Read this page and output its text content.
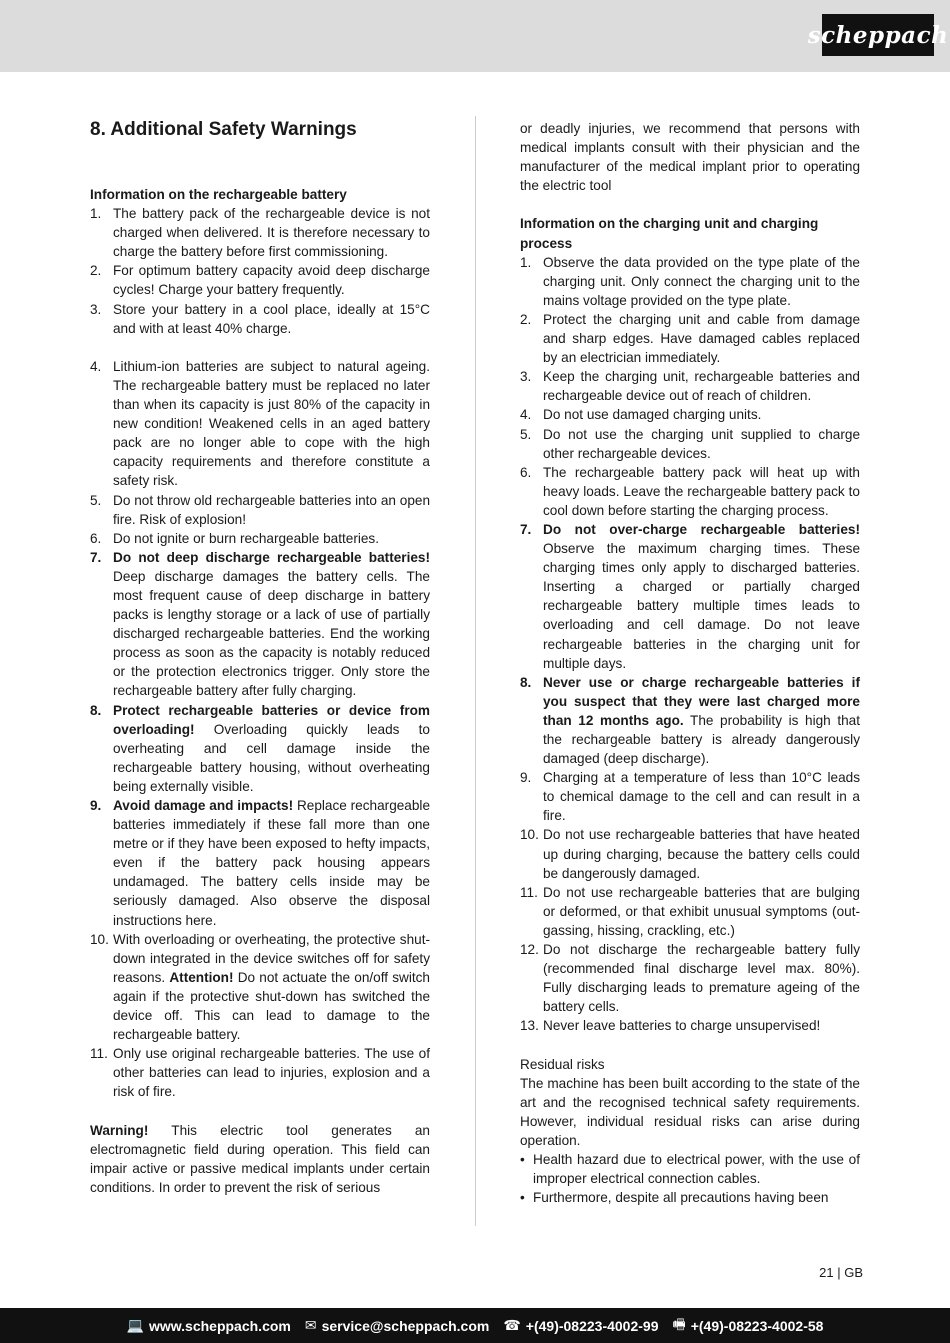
scheppach
8. Additional Safety Warnings
Information on the rechargeable battery
1. The battery pack of the rechargeable device is not charged when delivered. It is therefore necessary to charge the battery before first commissioning.
2. For optimum battery capacity avoid deep discharge cycles! Charge your battery frequently.
3. Store your battery in a cool place, ideally at 15°C and with at least 40% charge.
4. Lithium-ion batteries are subject to natural ageing. The rechargeable battery must be replaced no later than when its capacity is just 80% of the capacity in new condition! Weakened cells in an aged battery pack are no longer able to cope with the high capacity requirements and therefore constitute a safety risk.
5. Do not throw old rechargeable batteries into an open fire. Risk of explosion!
6. Do not ignite or burn rechargeable batteries.
7. Do not deep discharge rechargeable batteries! Deep discharge damages the battery cells. The most frequent cause of deep discharge in battery packs is lengthy storage or a lack of use of partially discharged rechargeable batteries. End the working process as soon as the capacity is notably reduced or the protection electronics trigger. Only store the rechargeable battery after fully charging.
8. Protect rechargeable batteries or device from overloading! Overloading quickly leads to overheating and cell damage inside the rechargeable battery housing, without overheating being externally visible.
9. Avoid damage and impacts! Replace rechargeable batteries immediately if these fall more than one metre or if they have been exposed to hefty impacts, even if the battery pack housing appears undamaged. The battery cells inside may be seriously damaged. Also observe the disposal instructions here.
10. With overloading or overheating, the protective shut-down integrated in the device switches off for safety reasons. Attention! Do not actuate the on/off switch again if the protective shut-down has switched the device off. This can lead to damage to the rechargeable battery.
11. Only use original rechargeable batteries. The use of other batteries can lead to injuries, explosion and a risk of fire.

Warning! This electric tool generates an electromagnetic field during operation. This field can impair active or passive medical implants under certain conditions. In order to prevent the risk of serious

or deadly injuries, we recommend that persons with medical implants consult with their physician and the manufacturer of the medical implant prior to operating the electric tool

Information on the charging unit and charging process
1. Observe the data provided on the type plate of the charging unit. Only connect the charging unit to the mains voltage provided on the type plate.
2. Protect the charging unit and cable from damage and sharp edges. Have damaged cables replaced by an electrician immediately.
3. Keep the charging unit, rechargeable batteries and rechargeable device out of reach of children.
4. Do not use damaged charging units.
5. Do not use the charging unit supplied to charge other rechargeable devices.
6. The rechargeable battery pack will heat up with heavy loads. Leave the rechargeable battery pack to cool down before starting the charging process.
7. Do not over-charge rechargeable batteries! Observe the maximum charging times. These charging times only apply to discharged batteries. Inserting a charged or partially charged rechargeable battery multiple times leads to overloading and cell damage. Do not leave rechargeable batteries in the charging unit for multiple days.
8. Never use or charge rechargeable batteries if you suspect that they were last charged more than 12 months ago. The probability is high that the rechargeable battery is already dangerously damaged (deep discharge).
9. Charging at a temperature of less than 10°C leads to chemical damage to the cell and can result in a fire.
10. Do not use rechargeable batteries that have heated up during charging, because the battery cells could be dangerously damaged.
11. Do not use rechargeable batteries that are bulging or deformed, or that exhibit unusual symptoms (out-gassing, hissing, crackling, etc.)
12. Do not discharge the rechargeable battery fully (recommended final discharge level max. 80%). Fully discharging leads to premature ageing of the battery cells.
13. Never leave batteries to charge unsupervised!
Residual risks

The machine has been built according to the state of the art and the recognised technical safety requirements. However, individual residual risks can arise during operation.

• Health hazard due to electrical power, with the use of improper electrical connection cables.
• Furthermore, despite all precautions having been
21 | GB
💻 www.scheppach.com ✉ service@scheppach.com ☎ +(49)-08223-4002-99 🖷 +(49)-08223-4002-58
